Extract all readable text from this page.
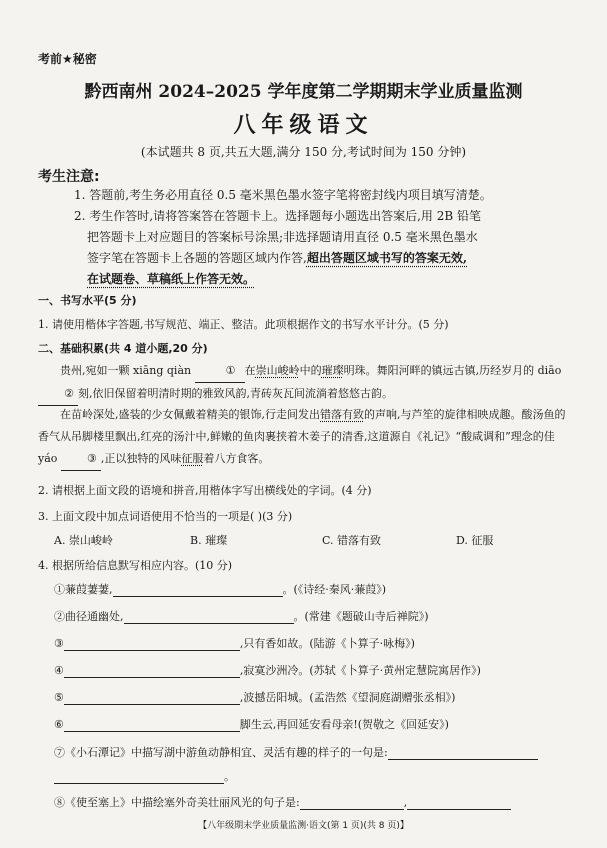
考前★秘密
黔西南州 2024–2025 学年度第二学期期末学业质量监测
八年级语文
(本试题共 8 页,共五大题,满分 150 分,考试时间为 150 分钟)
考生注意:
1. 答题前,考生务必用直径 0.5 毫米黑色墨水签字笔将密封线内项目填写清楚。
2. 考生作答时,请将答案答在答题卡上。选择题每小题选出答案后,用 2B 铅笔
把答题卡上对应题目的答案标号涂黑;非选择题请用直径 0.5 毫米黑色墨水
签字笔在答题卡上各题的答题区域内作答,超出答题区域书写的答案无效,
在试题卷、草稿纸上作答无效。
一、书写水平(5 分)
1. 请使用楷体字答题,书写规范、端正、整洁。此项根据作文的书写水平计分。(5 分)
二、基础积累(共 4 道小题,20 分)
贵州,宛如一颗 xiāng qiàn	① 在崇山峻岭中的璀璨明珠。舞阳河畔的镇远古镇,历经岁月的 diāo ② 刻,依旧保留着明清时期的雅致风韵,青砖灰瓦间流淌着悠悠古韵。
在苗岭深处,盛装的少女佩戴着精美的银饰,行走间发出错落有致的声响,与芦笙的旋律相映成趣。酸汤鱼的香气从吊脚楼里飘出,红亮的汤汁中,鲜嫩的鱼肉裹挟着木姜子的清香,这道源自《礼记》“酸咸调和”理念的佳 yáo ③ ,正以独特的风味征服着八方食客。
2. 请根据上面文段的语境和拼音,用楷体字写出横线处的字词。(4 分)
3. 上面文段中加点词语使用不恰当的一项是( )(3 分)
A. 崇山峻岭	B. 璀璨	C. 错落有致	D. 征服
4. 根据所给信息默写相应内容。(10 分)
①蒹葭萋萋,	。(《诗经·秦风·蒹葭》)
②曲径通幽处,	。(常建《题破山寺后禅院》)
③	,只有香如故。(陆游《卜算子·咏梅》)
④	,寂寞沙洲冷。(苏轼《卜算子·黄州定慧院寓居作》)
⑤	,波撼岳阳城。(孟浩然《望洞庭湖赠张丞相》)
⑥	脚生云,再回延安看母亲!(贺敬之《回延安》)
⑦《小石潭记》中描写湖中游鱼动静相宜、灵活有趣的样子的一句是:
。
⑧《使至塞上》中描绘塞外奇美壮丽风光的句子是:	,
【八年级期末学业质量监测·语文(第 1 页)(共 8 页)】
